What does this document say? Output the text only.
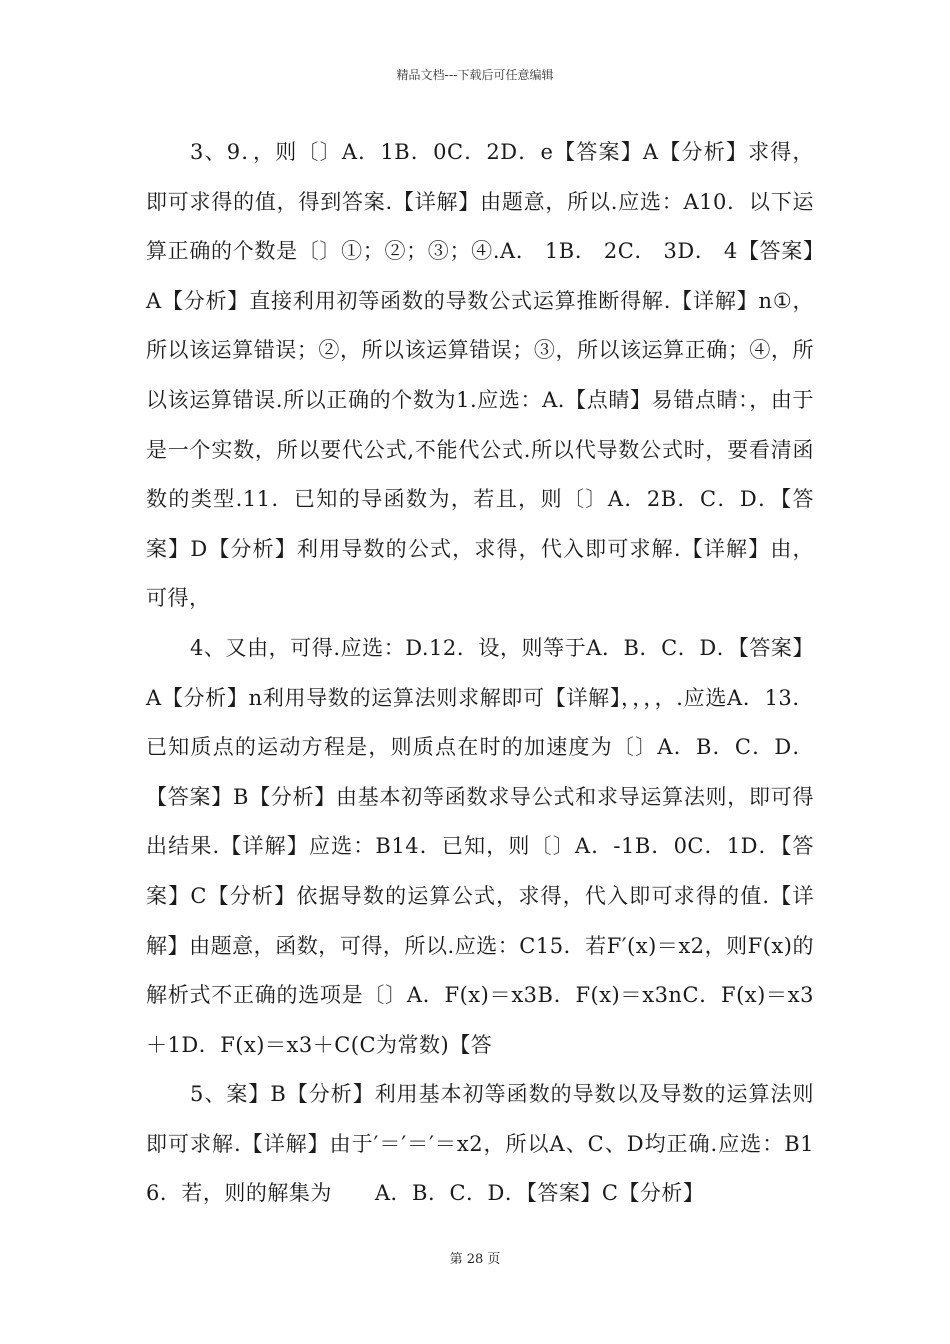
精品文档---下载后可任意编辑

3、9．，则〔〕A．1B．0C．2D．e【答案】A【分析】求得，即可求得的值，得到答案.【详解】由题意，所以.应选：A10．以下运算正确的个数是〔〕①；②；③；④.A． 1B． 2C． 3D． 4【答案】A【分析】直接利用初等函数的导数公式运算推断得解.【详解】n①，所以该运算错误；②，所以该运算错误；③，所以该运算正确；④，所以该运算错误.所以正确的个数为1.应选：A.【点睛】易错点睛：，由于是一个实数，所以要代公式,不能代公式.所以代导数公式时，要看清函数的类型.11．已知的导函数为，若且，则〔〕A．2B．C．D．【答案】D【分析】利用导数的公式，求得，代入即可求解.【详解】由，可得，

4、又由，可得.应选：D.12．设，则等于A．B．C．D．【答案】A【分析】n利用导数的运算法则求解即可【详解】，，，，.应选A．13．已知质点的运动方程是，则质点在时的加速度为〔〕A．B．C．D．【答案】B【分析】由基本初等函数求导公式和求导运算法则，即可得出结果.【详解】应选：B14．已知，则〔〕A．-1B．0C．1D．【答案】C【分析】依据导数的运算公式，求得，代入即可求得的值.【详解】由题意，函数，可得，所以.应选：C15．若F′(x)＝x2，则F(x)的解析式不正确的选项是〔〕A．F(x)＝x3B．F(x)＝x3nC．F(x)＝x3＋1D．F(x)＝x3＋C(C为常数)【答

5、案】B【分析】利用基本初等函数的导数以及导数的运算法则即可求解.【详解】由于′＝′＝′＝x2，所以A、C、D均正确.应选：B16．若，则的解集为　　A．B．C．D．【答案】C【分析】

第 28 页
